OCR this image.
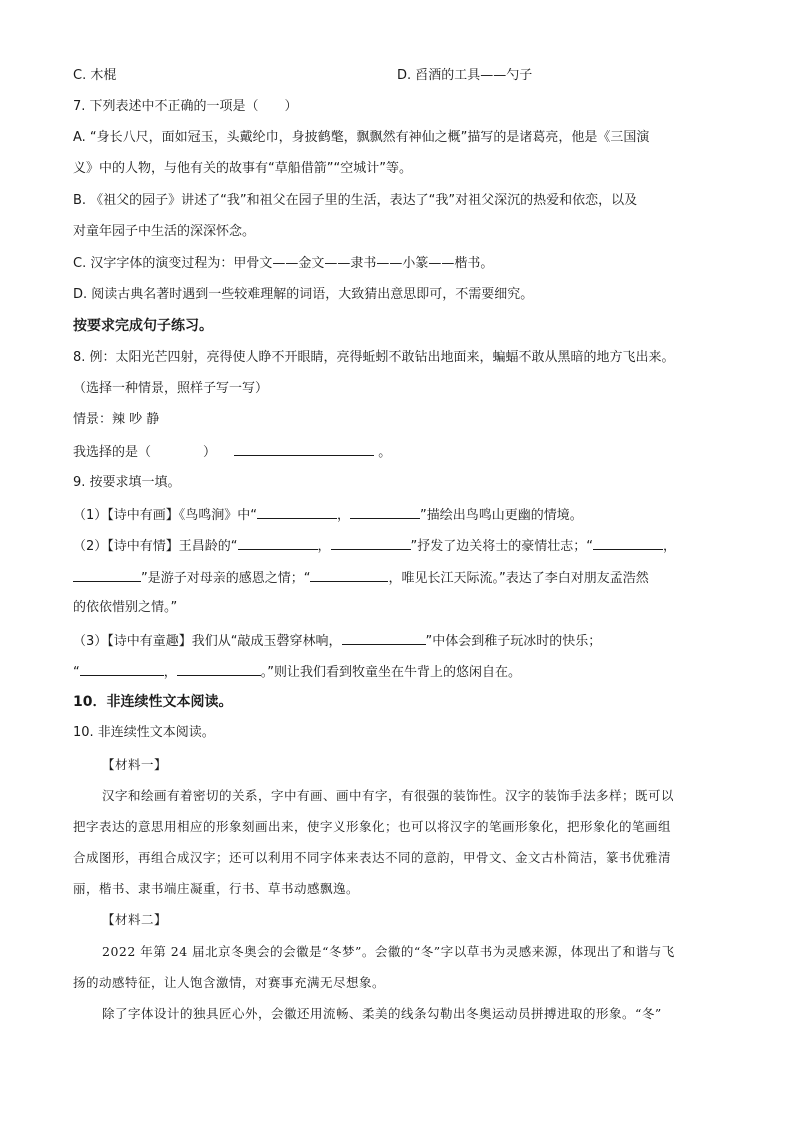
C. 木棍	D. 舀酒的工具——勺子
7. 下列表述中不正确的一项是（　　）
A. “身长八尺，面如冠玉，头戴纶巾，身披鹤氅，飘飘然有神仙之概”描写的是诸葛亮，他是《三国演
义》中的人物，与他有关的故事有“草船借箭”“空城计”等。
B. 《祖父的园子》讲述了“我”和祖父在园子里的生活，表达了“我”对祖父深沉的热爱和依恋，以及
对童年园子中生活的深深怀念。
C. 汉字字体的演变过程为：甲骨文——金文——隶书——小篆——楷书。
D. 阅读古典名著时遇到一些较难理解的词语，大致猜出意思即可，不需要细究。
按要求完成句子练习。
8. 例：太阳光芒四射，亮得使人睁不开眼睛，亮得蚯蚓不敢钻出地面来，蝙蝠不敢从黑暗的地方飞出来。
（选择一种情景，照样子写一写）
情景：辣 吵 静
我选择的是（　　　　）	。
9. 按要求填一填。
（1）【诗中有画】《鸟鸣涧》中“	，	”描绘出鸟鸣山更幽的情境。
（2）【诗中有情】王昌龄的“	，	”抒发了边关将士的豪情壮志；“	，
”是游子对母亲的感恩之情；“	，唯见长江天际流。”表达了李白对朋友孟浩然
的依依惜别之情。”
（3）【诗中有童趣】我们从“敲成玉磬穿林响，	”中体会到稚子玩冰时的快乐；
“	，	。”则让我们看到牧童坐在牛背上的悠闲自在。
10．非连续性文本阅读。
10. 非连续性文本阅读。
【材料一】
汉字和绘画有着密切的关系，字中有画、画中有字，有很强的装饰性。汉字的装饰手法多样；既可以
把字表达的意思用相应的形象刻画出来，使字义形象化；也可以将汉字的笔画形象化，把形象化的笔画组
合成图形，再组合成汉字；还可以利用不同字体来表达不同的意韵，甲骨文、金文古朴简洁，篆书优雅清
丽，楷书、隶书端庄凝重，行书、草书动感飘逸。
【材料二】
2022 年第 24 届北京冬奥会的会徽是“冬梦”。会徽的“冬”字以草书为灵感来源，体现出了和谐与飞
扬的动感特征，让人饱含激情，对赛事充满无尽想象。
除了字体设计的独具匠心外，会徽还用流畅、柔美的线条勾勒出冬奥运动员拼搏进取的形象。“冬”
